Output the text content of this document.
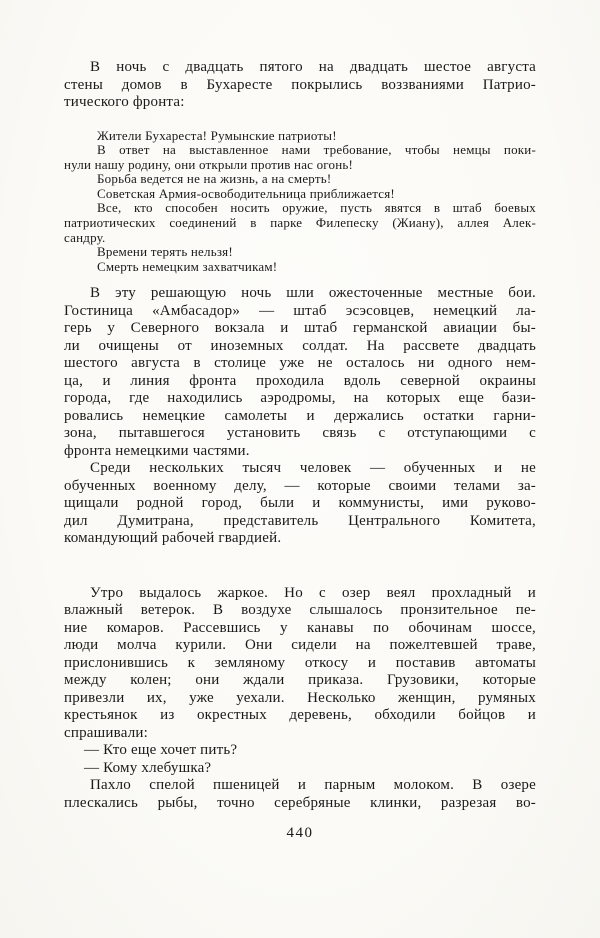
В ночь с двадцать пятого на двадцать шестое августа
стены домов в Бухаресте покрылись воззваниями Патрио-
тического фронта:
Жители Бухареста! Румынские патриоты!
В ответ на выставленное нами требование, чтобы немцы поки-
нули нашу родину, они открыли против нас огонь!
Борьба ведется не на жизнь, а на смерть!
Советская Армия-освободительница приближается!
Все, кто способен носить оружие, пусть явятся в штаб боевых
патриотических соединений в парке Филепеску (Жиану), аллея Алек-
сандру.
Времени терять нельзя!
Смерть немецким захватчикам!
В эту решающую ночь шли ожесточенные местные бои.
Гостиница «Амбасадор» — штаб эсэсовцев, немецкий ла-
герь у Северного вокзала и штаб германской авиации бы-
ли очищены от иноземных солдат. На рассвете двадцать
шестого августа в столице уже не осталось ни одного нем-
ца, и линия фронта проходила вдоль северной окраины
города, где находились аэродромы, на которых еще бази-
ровались немецкие самолеты и держались остатки гарни-
зона, пытавшегося установить связь с отступающими с
фронта немецкими частями.
Среди нескольких тысяч человек — обученных и не
обученных военному делу, — которые своими телами за-
щищали родной город, были и коммунисты, ими руково-
дил Думитрана, представитель Центрального Комитета,
командующий рабочей гвардией.
Утро выдалось жаркое. Но с озер веял прохладный и
влажный ветерок. В воздухе слышалось пронзительное пе-
ние комаров. Рассевшись у канавы по обочинам шоссе,
люди молча курили. Они сидели на пожелтевшей траве,
прислонившись к земляному откосу и поставив автоматы
между колен; они ждали приказа. Грузовики, которые
привезли их, уже уехали. Несколько женщин, румяных
крестьянок из окрестных деревень, обходили бойцов и
спрашивали:
— Кто еще хочет пить?
— Кому хлебушка?
Пахло спелой пшеницей и парным молоком. В озере
плескались рыбы, точно серебряные клинки, разрезая во-
440
